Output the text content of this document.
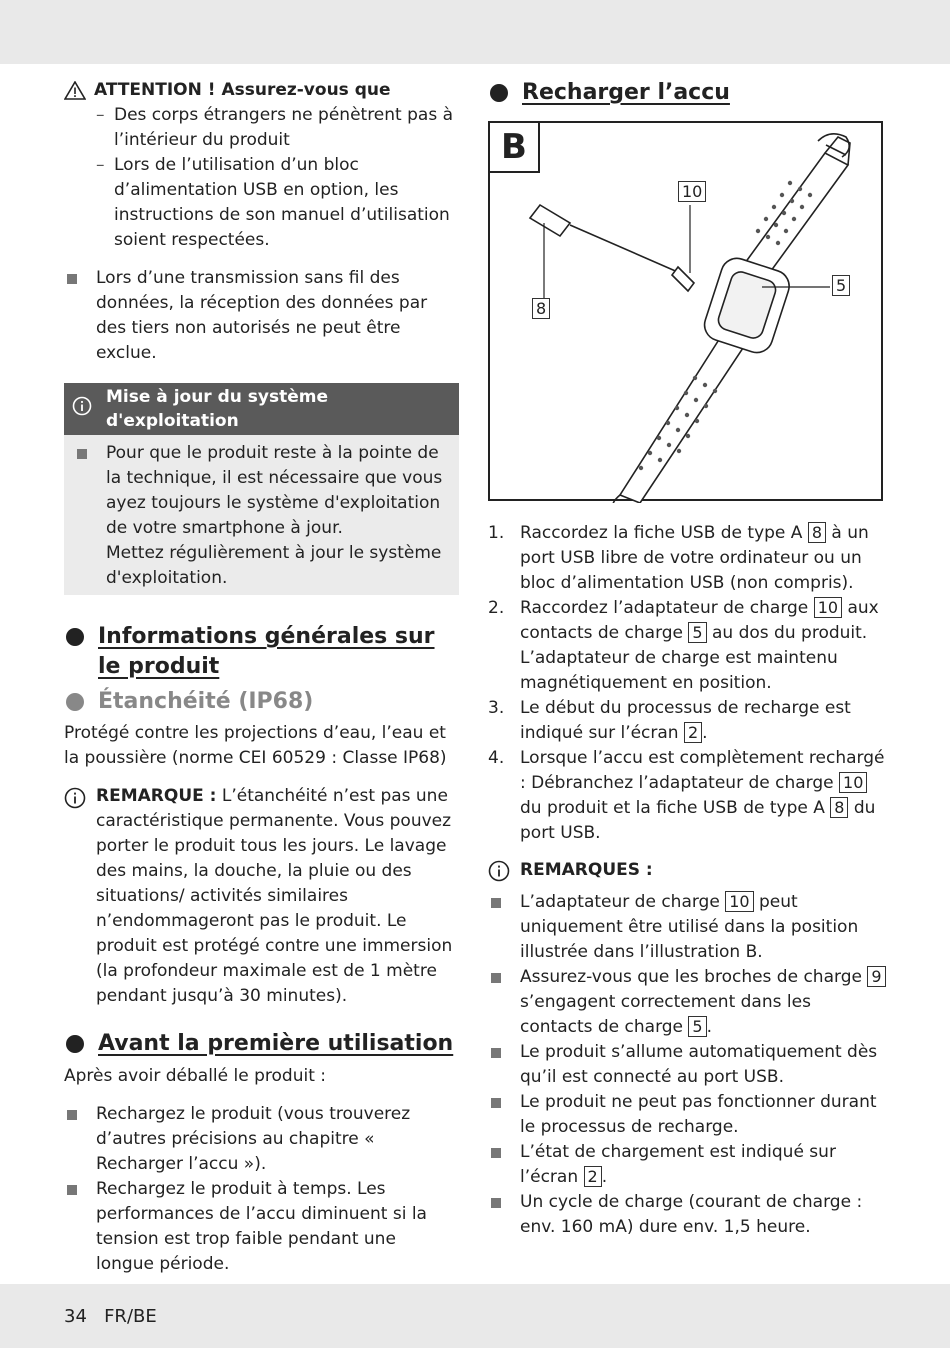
ATTENTION ! Assurez-vous que
– Des corps étrangers ne pénètrent pas à l’intérieur du produit
– Lors de l’utilisation d’un bloc d’alimentation USB en option, les instructions de son manuel d’utilisation soient respectées.
Lors d’une transmission sans fil des données, la réception des données par des tiers non autorisés ne peut être exclue.
Mise à jour du système d'exploitation
Pour que le produit reste à la pointe de la technique, il est nécessaire que vous ayez toujours le système d'exploitation de votre smartphone à jour.
Mettez régulièrement à jour le système d'exploitation.
Informations générales sur le produit
Étanchéité (IP68)

Protégé contre les projections d’eau, l’eau et la poussière (norme CEI 60529 : Classe IP68)

REMARQUE : L’étanchéité n’est pas une caractéristique permanente. Vous pouvez porter le produit tous les jours. Le lavage des mains, la douche, la pluie ou des situations/ activités similaires n’endommageront pas le produit. Le produit est protégé contre une immersion (la profondeur maximale est de 1 mètre pendant jusqu’à 30 minutes).
Avant la première utilisation

Après avoir déballé le produit :

Rechargez le produit (vous trouverez d’autres précisions au chapitre « Recharger l’accu »).
Rechargez le produit à temps. Les performances de l’accu diminuent si la tension est trop faible pendant une longue période.
Recharger l’accu
B
10
8
5
1. Raccordez la fiche USB de type A 8 à un port USB libre de votre ordinateur ou un bloc d’alimentation USB (non compris).
2. Raccordez l’adaptateur de charge 10 aux contacts de charge 5 au dos du produit. L’adaptateur de charge est maintenu magnétiquement en position.
3. Le début du processus de recharge est indiqué sur l’écran 2 .
4. Lorsque l’accu est complètement rechargé : Débranchez l’adaptateur de charge 10 du produit et la fiche USB de type A 8 du port USB.
REMARQUES :
L’adaptateur de charge 10 peut uniquement être utilisé dans la position illustrée dans l’illustration B.
Assurez-vous que les broches de charge 9 s’engagent correctement dans les contacts de charge 5 .
Le produit s’allume automatiquement dès qu’il est connecté au port USB.
Le produit ne peut pas fonctionner durant le processus de recharge.
L’état de chargement est indiqué sur l’écran 2 .
Un cycle de charge (courant de charge : env. 160 mA) dure env. 1,5 heure.
34 FR/BE
